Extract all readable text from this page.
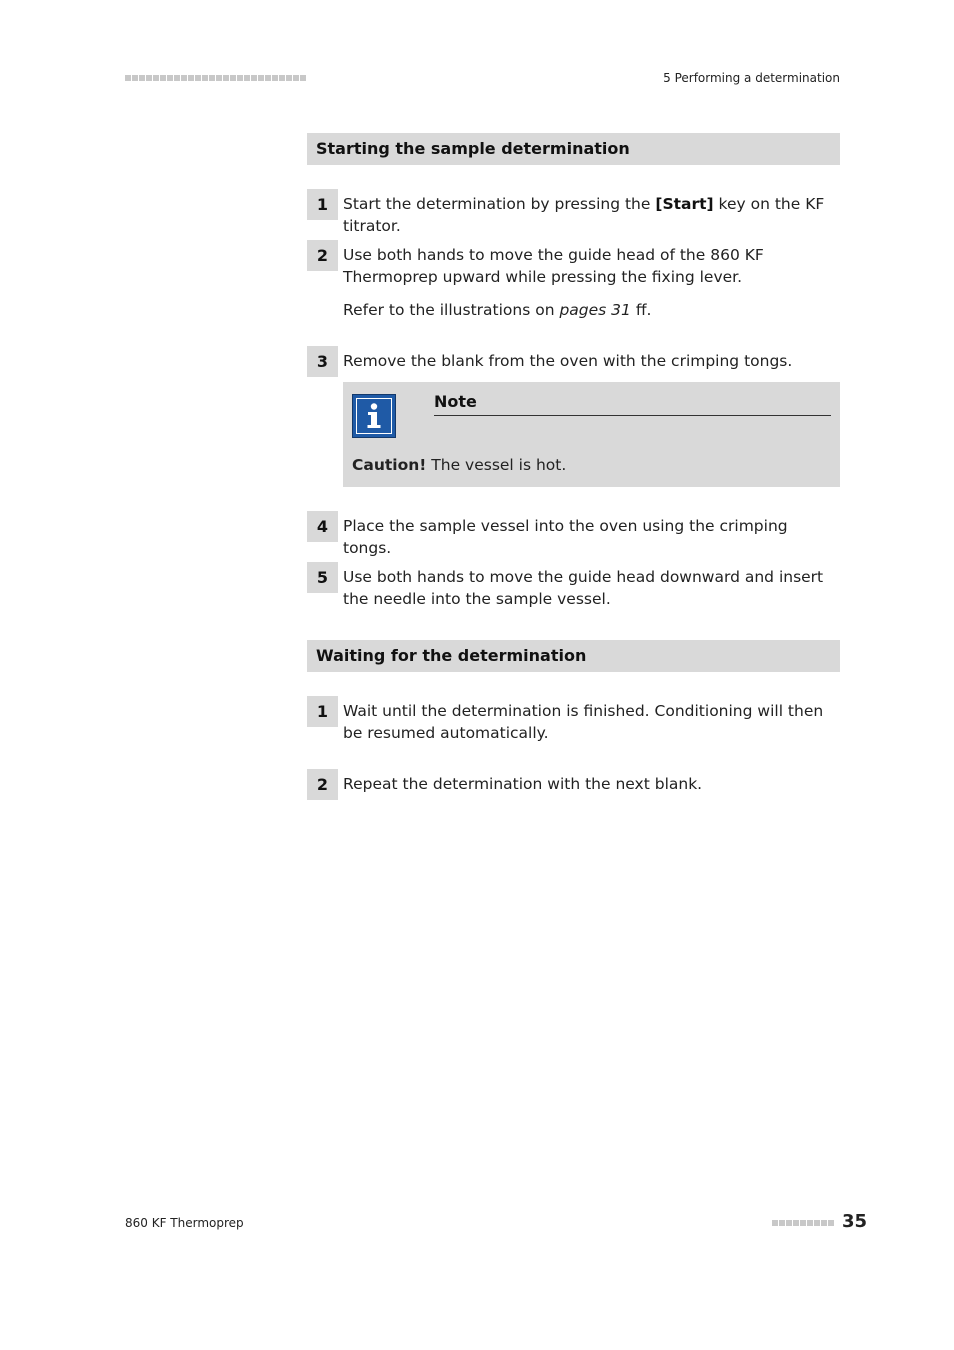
5 Performing a determination
Starting the sample determination
1 Start the determination by pressing the [Start] key on the KF titrator.

2 Use both hands to move the guide head of the 860 KF Thermoprep upward while pressing the fixing lever.

Refer to the illustrations on pages 31 ff.

3 Remove the blank from the oven with the crimping tongs.

Note
Caution! The vessel is hot.
4 Place the sample vessel into the oven using the crimping tongs.

5 Use both hands to move the guide head downward and insert the needle into the sample vessel.

Waiting for the determination
1 Wait until the determination is finished. Conditioning will then be resumed automatically.

2 Repeat the determination with the next blank.

860 KF Thermoprep	35
